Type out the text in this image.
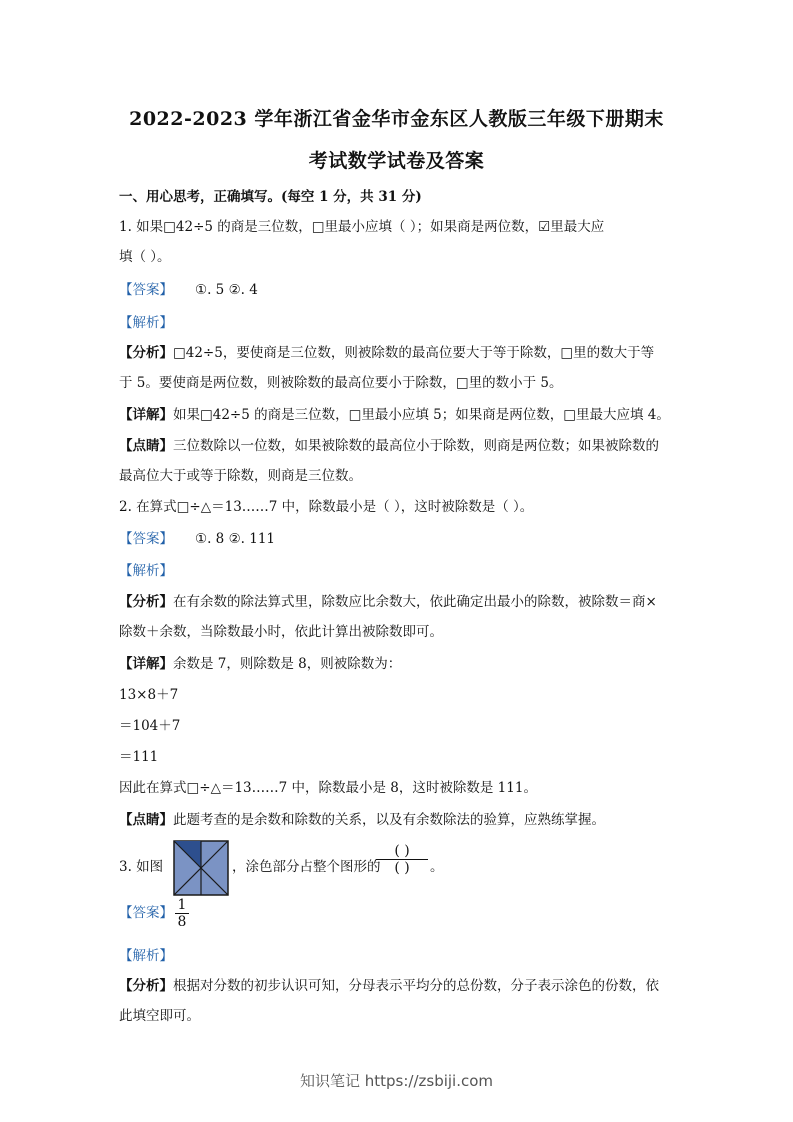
2022-2023 学年浙江省金华市金东区人教版三年级下册期末
考试数学试卷及答案
一、用心思考，正确填写。(每空 1 分，共 31 分)
1. 如果□42÷5 的商是三位数，□里最小应填（ ）；如果商是两位数，☑里最大应
填（ ）。
【答案】 ①. 5 ②. 4
【解析】
【分析】□42÷5，要使商是三位数，则被除数的最高位要大于等于除数，□里的数大于等
于 5。要使商是两位数，则被除数的最高位要小于除数，□里的数小于 5。
【详解】如果□42÷5 的商是三位数，□里最小应填 5；如果商是两位数，□里最大应填 4。
【点睛】三位数除以一位数，如果被除数的最高位小于除数，则商是两位数；如果被除数的
最高位大于或等于除数，则商是三位数。
2. 在算式□÷△＝13……7 中，除数最小是（ ），这时被除数是（ ）。
【答案】 ①. 8 ②. 111
【解析】
【分析】在有余数的除法算式里，除数应比余数大，依此确定出最小的除数，被除数＝商×
除数＋余数，当除数最小时，依此计算出被除数即可。
【详解】余数是 7，则除数是 8，则被除数为：
13×8＋7
＝104＋7
＝111
因此在算式□÷△＝13……7 中，除数最小是 8，这时被除数是 111。
【点睛】此题考查的是余数和除数的关系，以及有余数除法的验算，应熟练掌握。
3. 如图	，涂色部分占整个图形的
( )
( ) 。
【答案】 1
8
【解析】
【分析】根据对分数的初步认识可知，分母表示平均分的总份数，分子表示涂色的份数，依
此填空即可。
知识笔记 https://zsbiji.com
